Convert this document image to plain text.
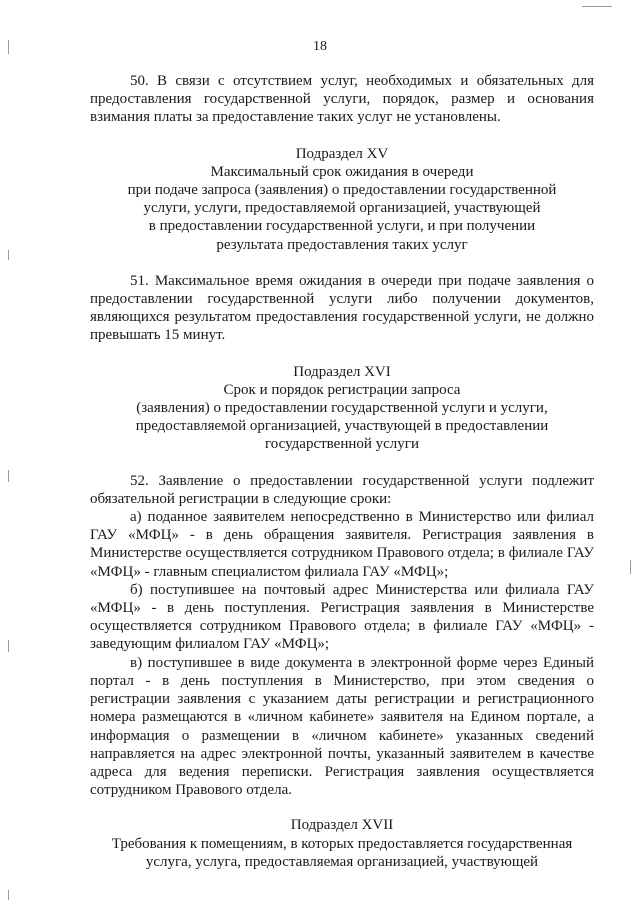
18

50. В связи с отсутствием услуг, необходимых и обязательных для предоставления государственной услуги, порядок, размер и основания взимания платы за предоставление таких услуг не установлены.

Подраздел XV

Максимальный срок ожидания в очереди

при подаче запроса (заявления) о предоставлении государственной

услуги, услуги, предоставляемой организацией, участвующей

в предоставлении государственной услуги, и при получении

результата предоставления таких услуг

51. Максимальное время ожидания в очереди при подаче заявления о предоставлении государственной услуги либо получении документов, являющихся результатом предоставления государственной услуги, не должно превышать 15 минут.

Подраздел XVI

Срок и порядок регистрации запроса

(заявления) о предоставлении государственной услуги и услуги,

предоставляемой организацией, участвующей в предоставлении

государственной услуги

52. Заявление о предоставлении государственной услуги подлежит обязательной регистрации в следующие сроки:

а) поданное заявителем непосредственно в Министерство или филиал ГАУ «МФЦ» - в день обращения заявителя. Регистрация заявления в Министерстве осуществляется сотрудником Правового отдела; в филиале ГАУ «МФЦ» - главным специалистом филиала ГАУ «МФЦ»;

б) поступившее на почтовый адрес Министерства или филиала ГАУ «МФЦ» - в день поступления. Регистрация заявления в Министерстве осуществляется сотрудником Правового отдела; в филиале ГАУ «МФЦ» - заведующим филиалом ГАУ «МФЦ»;

в) поступившее в виде документа в электронной форме через Единый портал - в день поступления в Министерство, при этом сведения о регистрации заявления с указанием даты регистрации и регистрационного номера размещаются в «личном кабинете» заявителя на Едином портале, а информация о размещении в «личном кабинете» указанных сведений направляется на адрес электронной почты, указанный заявителем в качестве адреса для ведения переписки. Регистрация заявления осуществляется сотрудником Правового отдела.

Подраздел XVII

Требования к помещениям, в которых предоставляется государственная

услуга, услуга, предоставляемая организацией, участвующей
